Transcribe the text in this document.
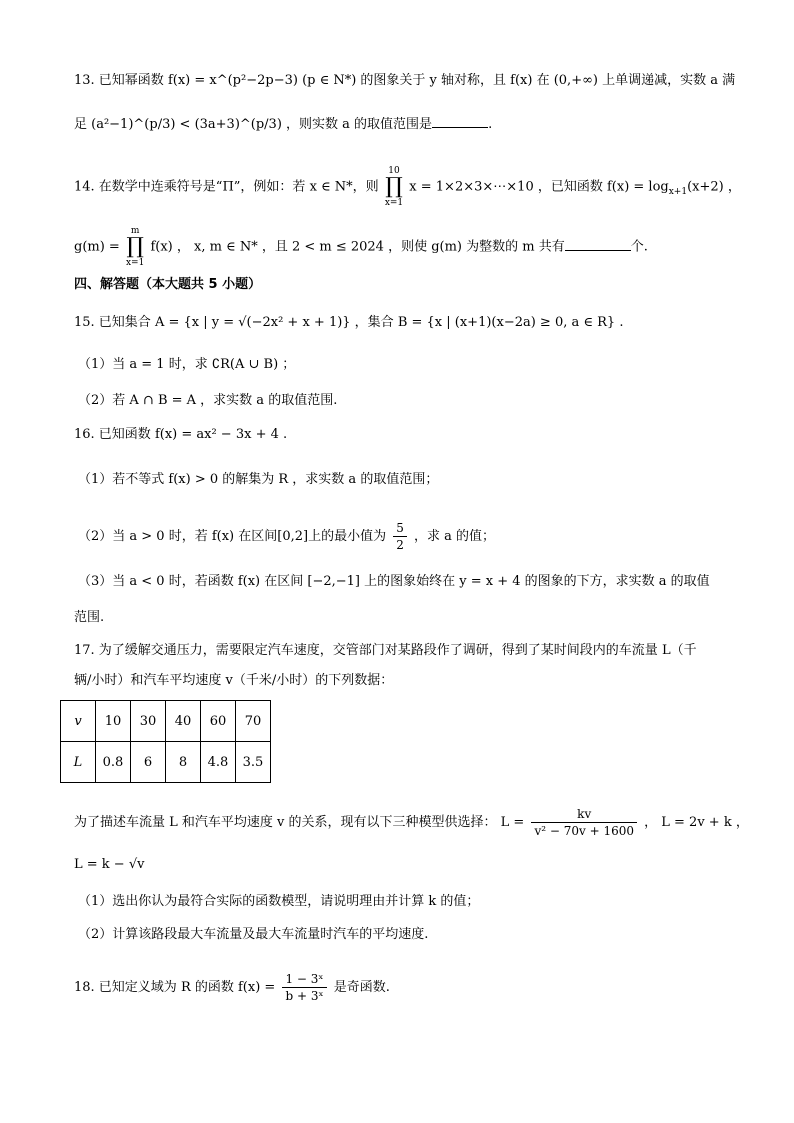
13. 已知幂函数 f(x) = x^(p²−2p−3) (p ∈ N*) 的图象关于 y 轴对称，且 f(x) 在 (0,+∞) 上单调递减，实数 a 满
足 (a²−1)^(p/3) < (3a+3)^(p/3) ，则实数 a 的取值范围是	.
14. 在数学中连乘符号是“Π”，例如：若 x ∈ N*，则 10
∏
x=1 x = 1×2×3×⋯×10 ，已知函数 $f(x) = \log_{x+1}(x+2)$ ，
g(m) = m
∏
x=1 f(x) ， x, m ∈ N* ，且 2 < m ≤ 2024 ，则使 g(m) 为整数的 m 共有	个.
四、解答题（本大题共 5 小题）
15. 已知集合 A = {x | y = √(−2x² + x + 1)} ，集合 B = {x | (x+1)(x−2a) ≥ 0, a ∈ R} .
（1）当 a = 1 时，求 ∁R(A ∪ B) ；
（2）若 A ∩ B = A ，求实数 a 的取值范围.
16. 已知函数 f(x) = ax² − 3x + 4 .
（1）若不等式 f(x) > 0 的解集为 R ，求实数 a 的取值范围；
（2）当 a > 0 时，若 f(x) 在区间[0,2]上的最小值为 $\frac{5}{2}$ ，求 a 的值；
（3）当 a < 0 时，若函数 f(x) 在区间 [−2,−1] 上的图象始终在 y = x + 4 的图象的下方，求实数 a 的取值
范围.
17. 为了缓解交通压力，需要限定汽车速度，交管部门对某路段作了调研，得到了某时间段内的车流量 L（千
辆/小时）和汽车平均速度 v（千米/小时）的下列数据：
v	10	30	40	60	70
L	0.8	6	8	4.8	3.5
为了描述车流量 L 和汽车平均速度 v 的关系，现有以下三种模型供选择： $L = \frac{kv}{\text{v² − 70v + 1600}}$ ， L = 2v + k ，
L = k − √v
（1）选出你认为最符合实际的函数模型，请说明理由并计算 k 的值；
（2）计算该路段最大车流量及最大车流量时汽车的平均速度.
18. 已知定义域为 R 的函数 $f(x) = \frac{\text{1 − 3ˣ}}{\text{b + 3ˣ}}$ 是奇函数.
